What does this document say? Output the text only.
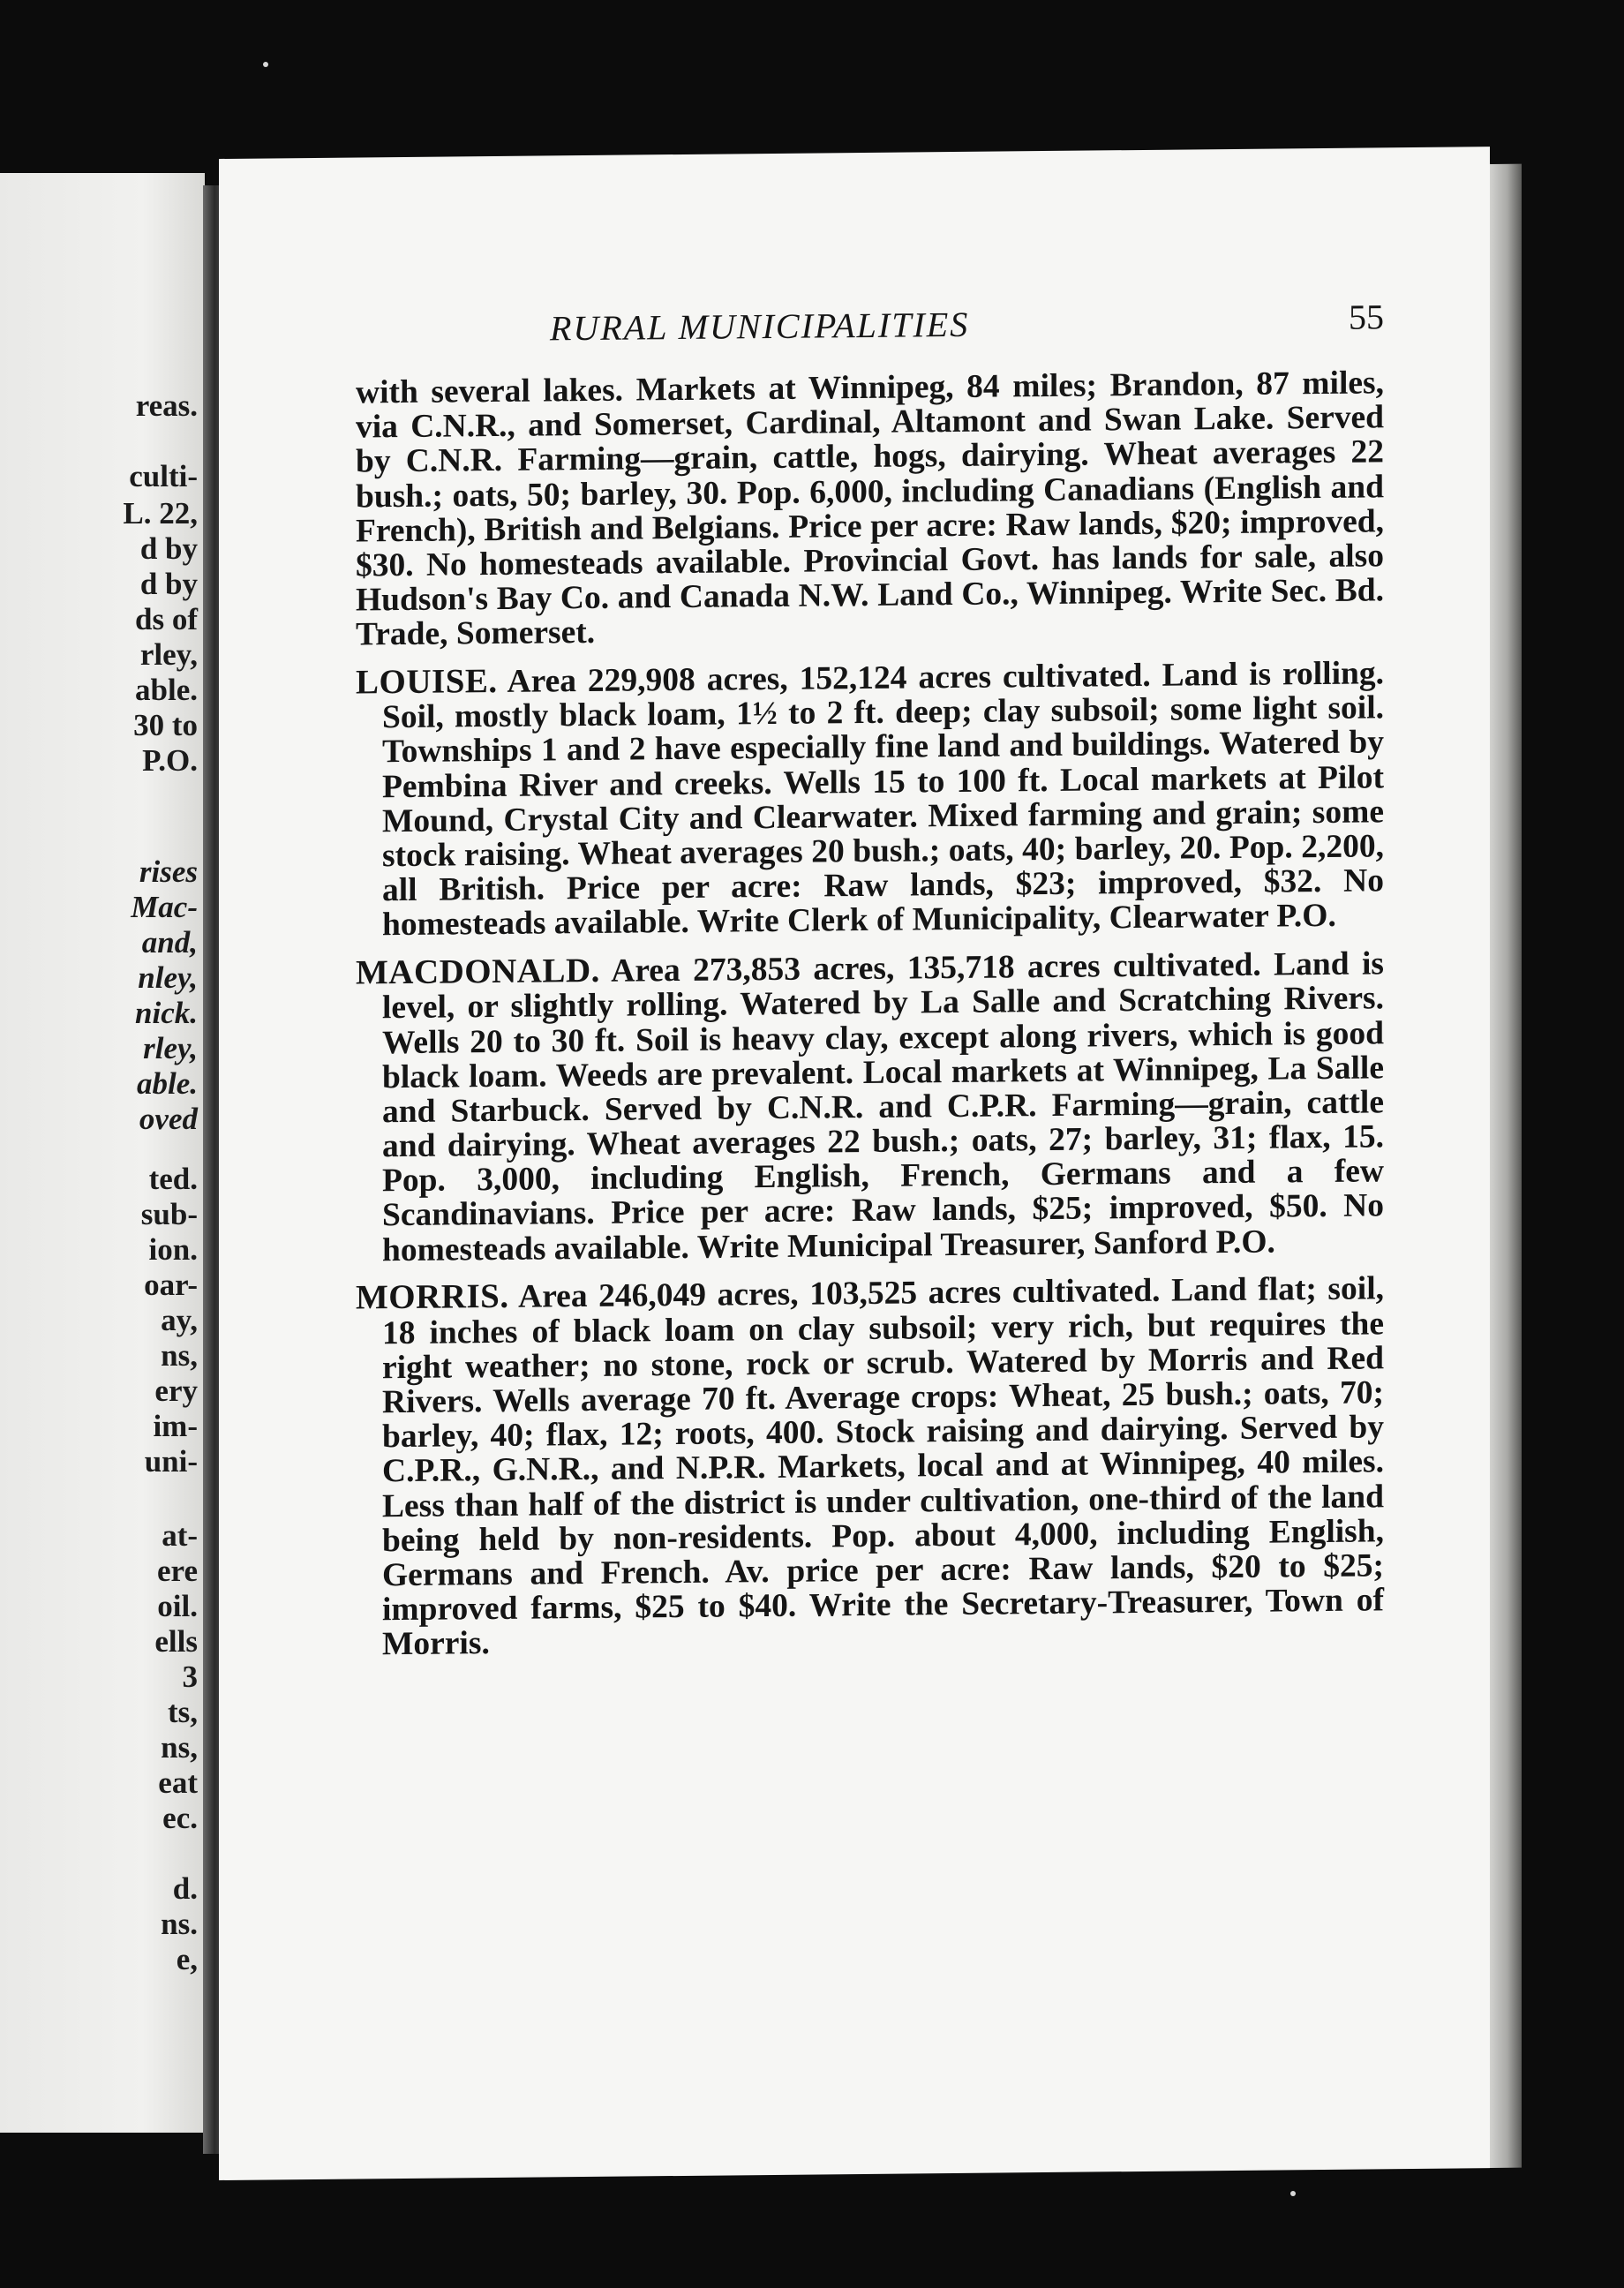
reas.
culti-
L. 22,
d by
d by
ds of
rley,
able.
30 to
P.O.
rises
Mac-
and,
nley,
nick.
rley,
able.
oved
ted.
sub-
ion.
oar-
ay,
ns,
ery
im-
uni-
at-
ere
oil.
ells
3
ts,
ns,
eat
ec.
d.
ns.
e,
RURAL MUNICIPALITIES	55

with several lakes. Markets at Winnipeg, 84 miles; Brandon, 87 miles, via C.N.R., and Somerset, Cardinal, Altamont and Swan Lake. Served by C.N.R. Farming—grain, cattle, hogs, dairying. Wheat averages 22 bush.; oats, 50; barley, 30. Pop. 6,000, including Canadians (English and French), British and Belgians. Price per acre: Raw lands, $20; improved, $30. No homesteads available. Provincial Govt. has lands for sale, also Hudson's Bay Co. and Canada N.W. Land Co., Winnipeg. Write Sec. Bd. Trade, Somerset.

LOUISE. Area 229,908 acres, 152,124 acres cultivated. Land is rolling. Soil, mostly black loam, 1½ to 2 ft. deep; clay subsoil; some light soil. Townships 1 and 2 have especially fine land and buildings. Watered by Pembina River and creeks. Wells 15 to 100 ft. Local markets at Pilot Mound, Crystal City and Clearwater. Mixed farming and grain; some stock raising. Wheat averages 20 bush.; oats, 40; barley, 20. Pop. 2,200, all British. Price per acre: Raw lands, $23; improved, $32. No homesteads available. Write Clerk of Municipality, Clearwater P.O.

MACDONALD. Area 273,853 acres, 135,718 acres cultivated. Land is level, or slightly rolling. Watered by La Salle and Scratching Rivers. Wells 20 to 30 ft. Soil is heavy clay, except along rivers, which is good black loam. Weeds are prevalent. Local markets at Winnipeg, La Salle and Starbuck. Served by C.N.R. and C.P.R. Farming—grain, cattle and dairying. Wheat averages 22 bush.; oats, 27; barley, 31; flax, 15. Pop. 3,000, including English, French, Germans and a few Scandinavians. Price per acre: Raw lands, $25; improved, $50. No homesteads available. Write Municipal Treasurer, Sanford P.O.

MORRIS. Area 246,049 acres, 103,525 acres cultivated. Land flat; soil, 18 inches of black loam on clay subsoil; very rich, but requires the right weather; no stone, rock or scrub. Watered by Morris and Red Rivers. Wells average 70 ft. Average crops: Wheat, 25 bush.; oats, 70; barley, 40; flax, 12; roots, 400. Stock raising and dairying. Served by C.P.R., G.N.R., and N.P.R. Markets, local and at Winnipeg, 40 miles. Less than half of the district is under cultivation, one-third of the land being held by non-residents. Pop. about 4,000, including English, Germans and French. Av. price per acre: Raw lands, $20 to $25; improved farms, $25 to $40. Write the Secretary-Treasurer, Town of Morris.
